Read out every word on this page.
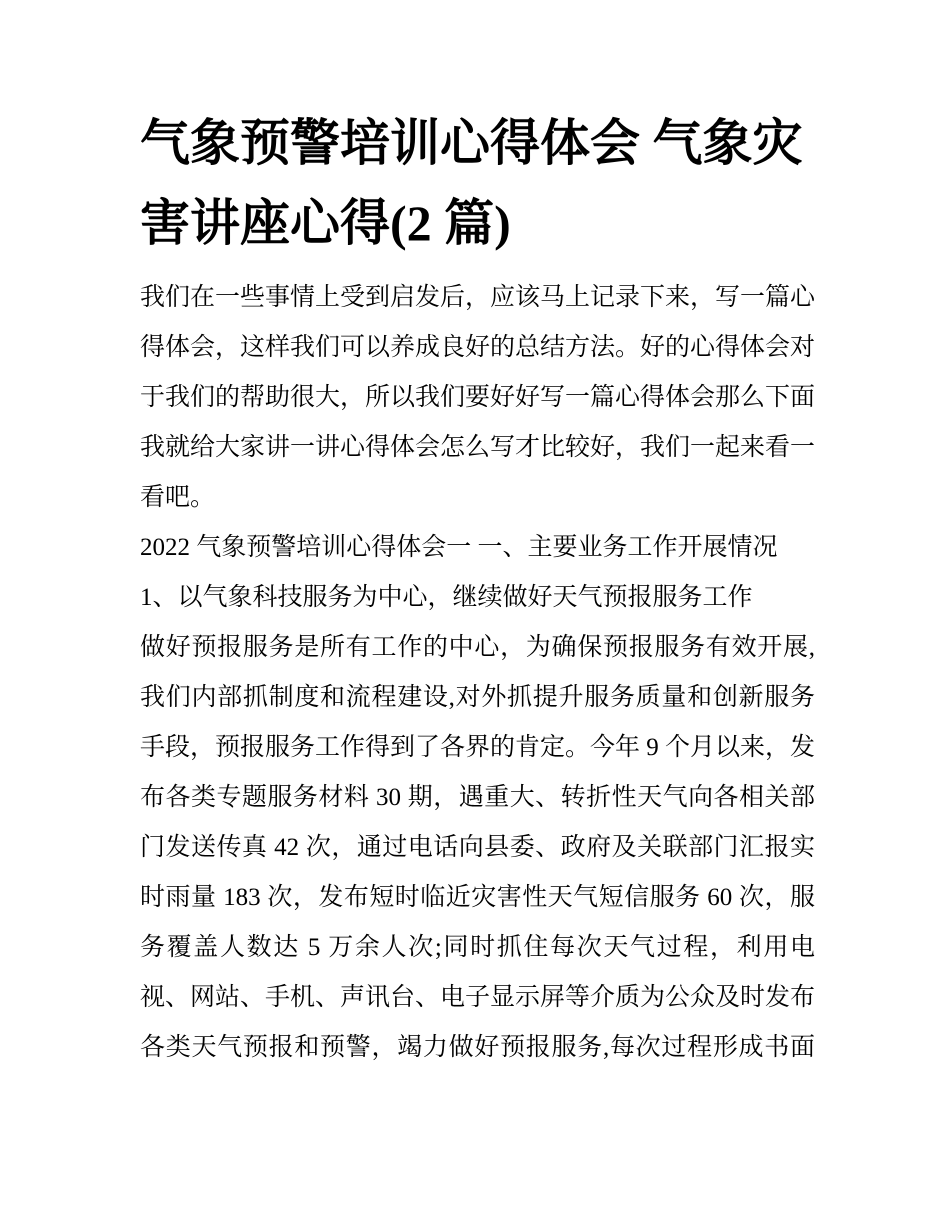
气象预警培训心得体会 气象灾
害讲座心得(2 篇)
我们在一些事情上受到启发后，应该马上记录下来，写一篇心
得体会，这样我们可以养成良好的总结方法。好的心得体会对
于我们的帮助很大，所以我们要好好写一篇心得体会那么下面
我就给大家讲一讲心得体会怎么写才比较好，我们一起来看一
看吧。
2022 气象预警培训心得体会一 一、主要业务工作开展情况
1、以气象科技服务为中心，继续做好天气预报服务工作
做好预报服务是所有工作的中心，为确保预报服务有效开展,
我们内部抓制度和流程建设,对外抓提升服务质量和创新服务
手段，预报服务工作得到了各界的肯定。今年 9 个月以来，发
布各类专题服务材料 30 期，遇重大、转折性天气向各相关部
门发送传真 42 次，通过电话向县委、政府及关联部门汇报实
时雨量 183 次，发布短时临近灾害性天气短信服务 60 次，服
务覆盖人数达 5 万余人次;同时抓住每次天气过程，利用电
视、网站、手机、声讯台、电子显示屏等介质为公众及时发布
各类天气预报和预警，竭力做好预报服务,每次过程形成书面
